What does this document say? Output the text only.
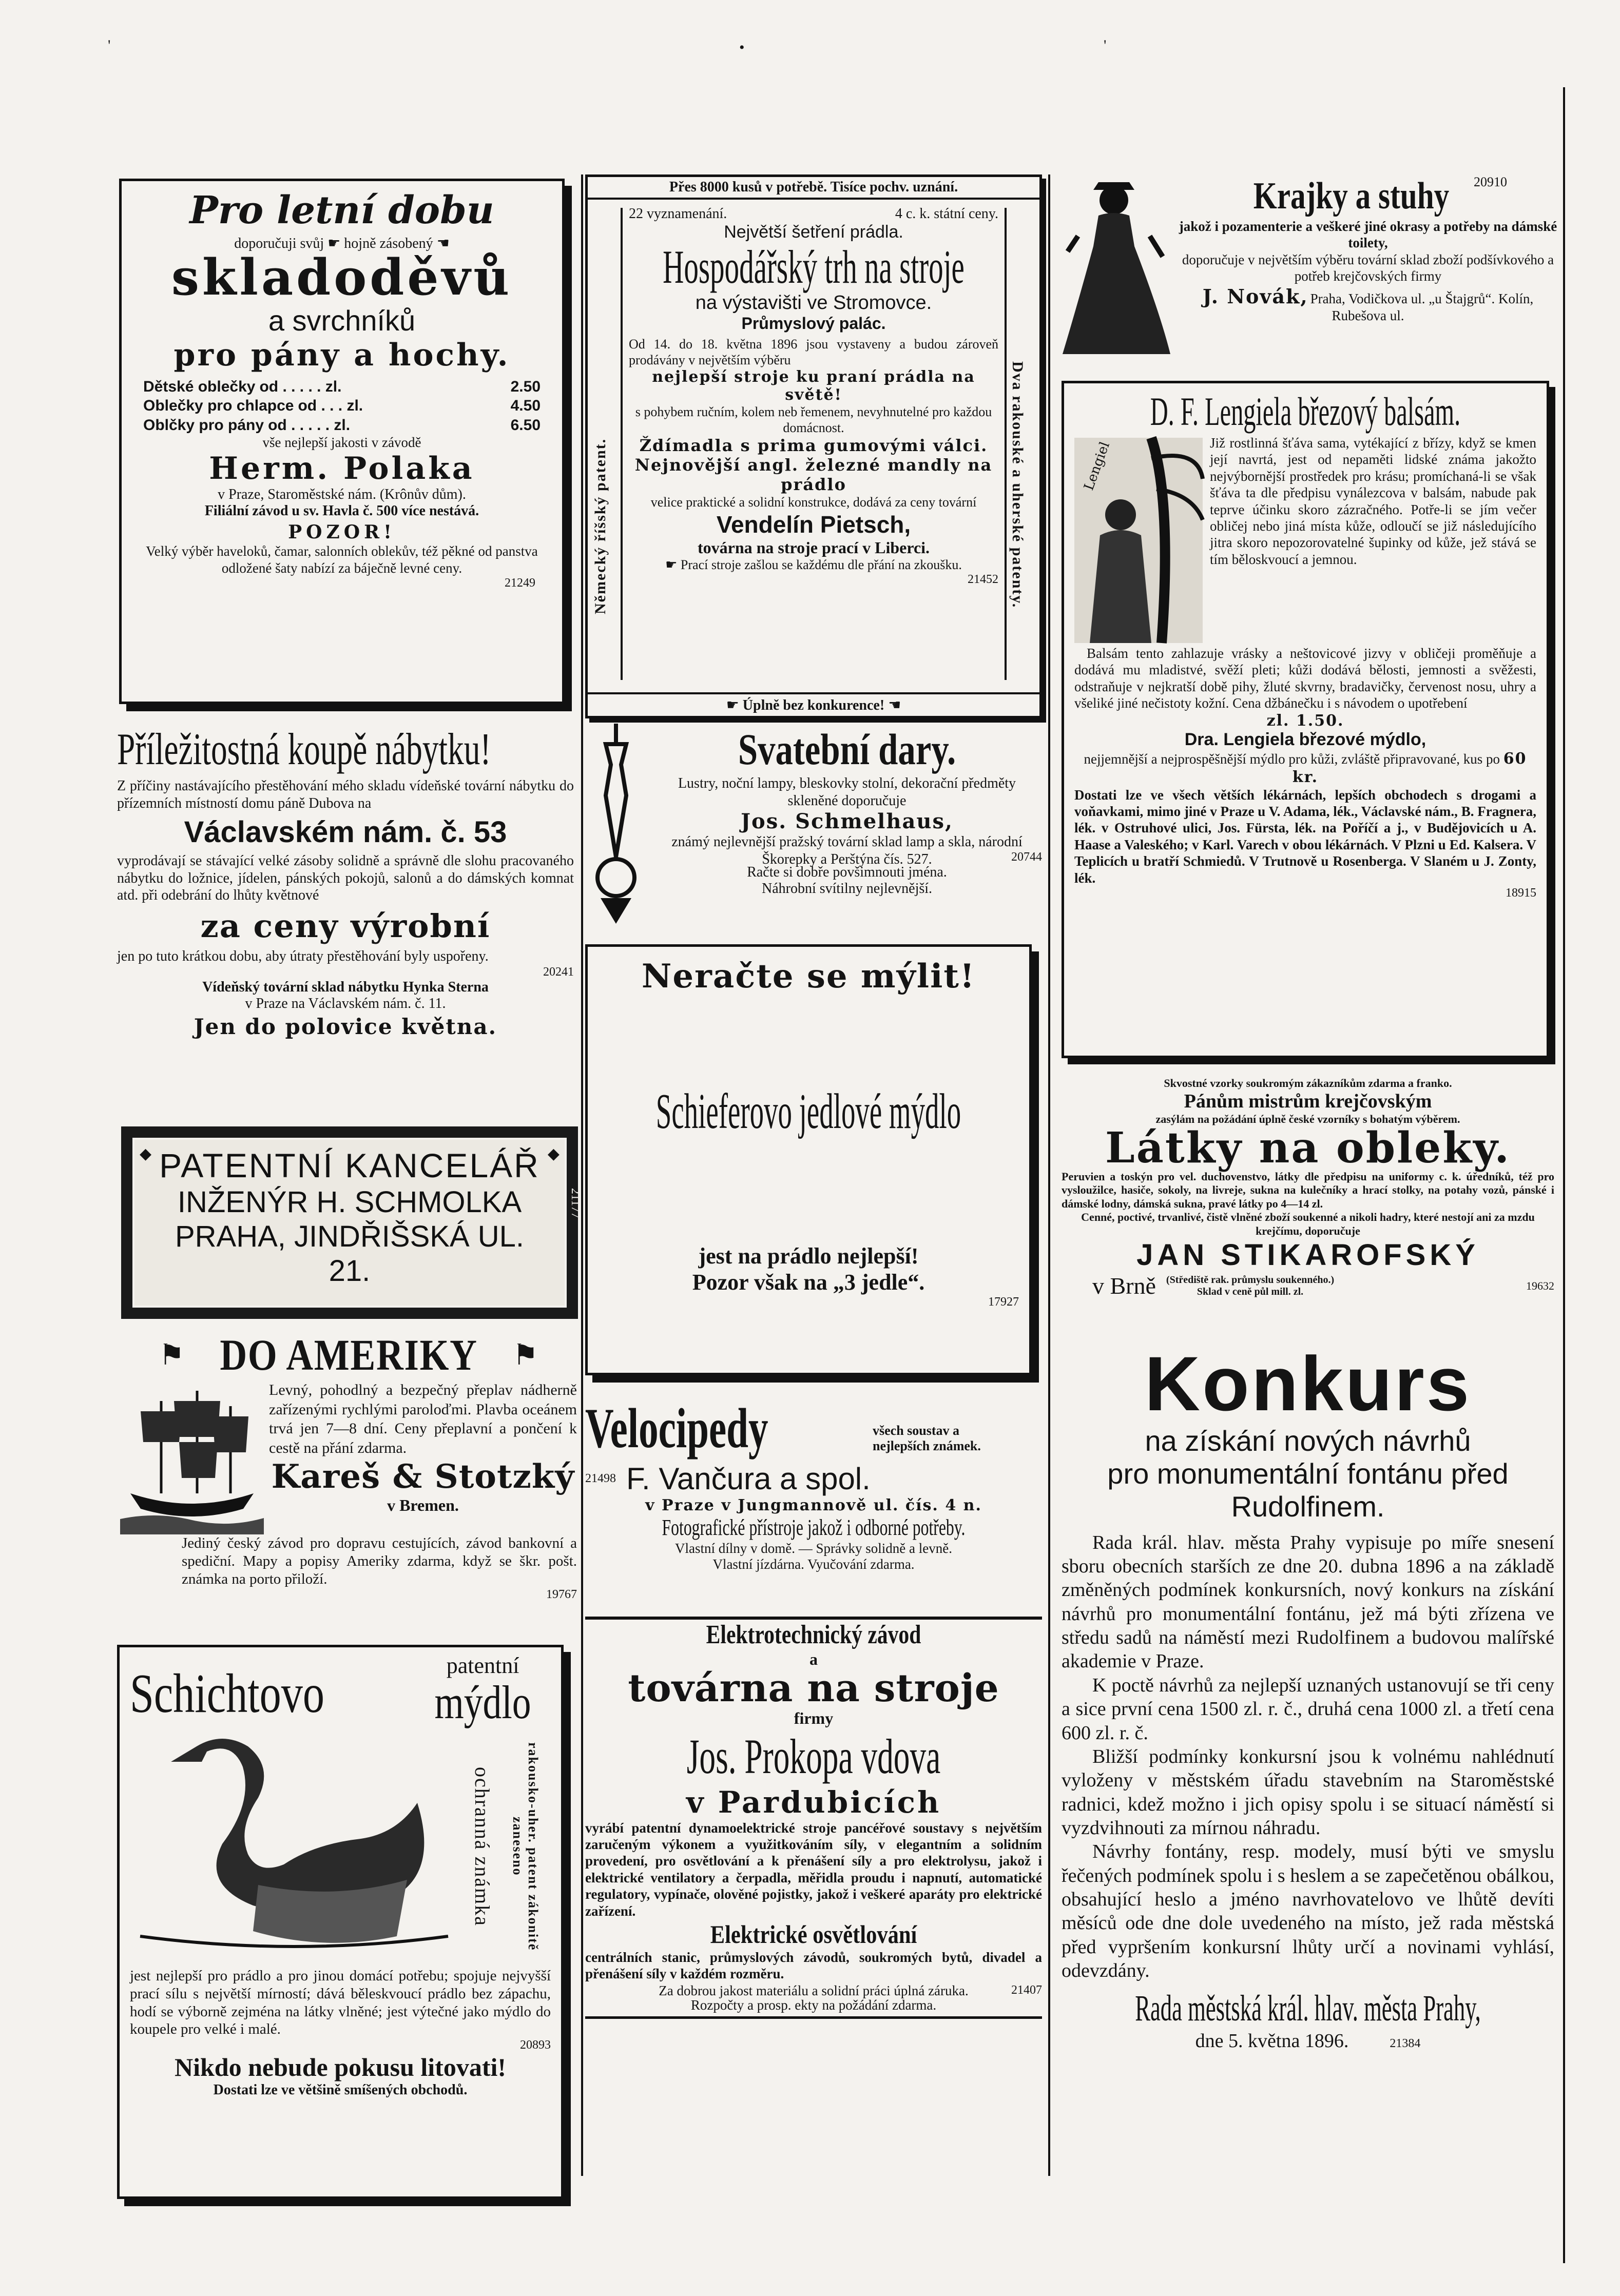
'	•	'
Pro letní dobu
doporučuji svůj ☛ hojně zásobený ☚
skladoděvů
a svrchníků
pro pány a hochy.
Dětské oblečky od . . . . . zl.	2.50
Oblečky pro chlapce od . . . zl.	4.50
Oblčky pro pány od . . . . . zl.	6.50
vše nejlepší jakosti v závodě
Herm. Polaka
v Praze, Staroměstské nám. (Krônův dům).
Filiální závod u sv. Havla č. 500 více nestává.
POZOR!

Velký výběr haveloků, čamar, salonních oblekův, též pěkné od panstva odložené šaty nabízí za báječně levné ceny.

21249
Příležitostná koupě nábytku!

Z příčiny nastávajícího přestěhování mého skladu vídeňské tovární nábytku do přízemních místností domu páně Dubova na

Václavském nám. č. 53

vyprodávají se stávající velké zásoby solidně a správně dle slohu pracovaného nábytku do ložnice, jídelen, pánských pokojů, salonů a do dámských komnat atd. při odebrání do lhůty květnové

za ceny výrobní

jen po tuto krátkou dobu, aby útraty přestěhování byly uspořeny.

20241
Vídeňský tovární sklad nábytku Hynka Sterna
v Praze na Václavském nám. č. 11.
Jen do polovice května.
PATENTNÍ KANCELÁŘ
INŽENÝR H. SCHMOLKA
PRAHA, JINDŘIŠSKÁ UL. 21.
◆	◆
21177
⚑ DO AMERIKY ⚑

Levný, pohodlný a bezpečný přeplav nádherně zařízenými rychlými paroloďmi. Plavba oceánem trvá jen 7—8 dní. Ceny přeplavní a pončení k cestě na přání zdarma.

Kareš & Stotzký
v Bremen.

Jediný český závod pro dopravu cestujících, závod bankovní a spediční. Mapy a popisy Ameriky zdarma, když se škr. pošt. známka na porto přiloží.

19767
Schichtovo	patentní
mýdlo
ochranná známka	rakousko-uher. patent zákonitě zaneseno

jest nejlepší pro prádlo a pro jinou domácí potřebu; spojuje nejvyšší prací sílu s největší mírností; dává běleskvoucí prádlo bez zápachu, hodí se výborně zejména na látky vlněné; jest výtečné jako mýdlo do koupele pro velké i malé.

20893
Nikdo nebude pokusu litovati!
Dostati lze ve většině smíšených obchodů.
Přes 8000 kusů v potřebě. Tisíce pochv. uznání.
Německý říšský patent.	Dva rakouské a uherské patenty.
22 vyznamenání.	4 c. k. státní ceny.
Největší šetření prádla.
Hospodářský trh na stroje
na výstavišti ve Stromovce.
Průmyslový palác.

Od 14. do 18. května 1896 jsou vystaveny a budou zároveň prodávány v největším výběru

nejlepší stroje ku praní prádla na světě!

s pohybem ručním, kolem neb řemenem, nevyhnutelné pro každou domácnost.

Ždímadla s prima gumovými válci.
Nejnovější angl. železné mandly na prádlo

velice praktické a solidní konstrukce, dodává za ceny tovární

Vendelín Pietsch,
továrna na stroje prací v Liberci.
☛ Prací stroje zašlou se každému dle přání na zkoušku.
21452
☛ Úplně bez konkurence! ☚
Svatební dary.

Lustry, noční lampy, bleskovky stolní, dekorační předměty skleněné doporučuje

Jos. Schmelhaus,

známý nejlevnější pražský tovární sklad lamp a skla, národní Škorepky a Perštýna čís. 527.	20744
Račte si dobře povšimnouti jména.
Náhrobní svítilny nejlevnější.
Neračte se mýlit!
Schieferovo jedlové mýdlo
jest na prádlo nejlepší!
Pozor však na „3 jedle“.
17927
Velocipedy	všech soustav a
nejlepších známek.
21498 F. Vančura a spol.
v Praze v Jungmannově ul. čís. 4 n.
Fotografické přístroje jakož i odborné potřeby.
Vlastní dílny v domě. — Správky solidně a levně.
Vlastní jízdárna. Vyučování zdarma.
Elektrotechnický závod
a
továrna na stroje
firmy
Jos. Prokopa vdova
v Pardubicích

vyrábí patentní dynamoelektrické stroje pancéřové soustavy s největším zaručeným výkonem a využitkováním síly, v elegantním a solidním provedení, pro osvětlování a k přenášení síly a pro elektrolysu, jakož i elektrické ventilatory a čerpadla, měřidla proudu i napnutí, automatické regulatory, vypínače, olověné pojistky, jakož i veškeré aparáty pro elektrické zařízení.

Elektrické osvětlování

centrálních stanic, průmyslových závodů, soukromých bytů, divadel a přenášení síly v každém rozměru.

Za dobrou jakost materiálu a solidní práci úplná záruka.	21407
Rozpočty a prosp. ekty na požádání zdarma.
Krajky a stuhy 20910

jakož i pozamenterie a veškeré jiné okrasy a potřeby na dámské toilety,

doporučuje v největším výběru tovární sklad zboží podšívkového a potřeb krejčovských firmy

J. Novák, Praha, Vodičkova ul. „u Štajgrů“. Kolín, Rubešova ul.
D. F. Lengiela březový balsám.
Lengiel	Již rostlinná šťáva sama, vytékající z břízy, když se kmen její navrtá, jest od nepaměti lidské známa jakožto nejvýbornější prostředek pro krásu; promíchaná-li se však šťáva ta dle předpisu vynálezcova v balsám, nabude pak teprve účinku skoro zázračného. Potře-li se jím večer obličej nebo jiná místa kůže, odloučí se již následujícího jitra skoro nepozorovatelné šupinky od kůže, jež stává se tím běloskvoucí a jemnou.

Balsám tento zahlazuje vrásky a neštovicové jizvy v obličeji proměňuje a dodává mu mladistvé, svěží pleti; kůži dodává bělosti, jemnosti a svěžesti, odstraňuje v nejkratší době pihy, žluté skvrny, bradavičky, červenost nosu, uhry a všeliké jiné nečistoty kožní. Cena džbánečku i s návodem o upotřebení

zl. 1.50.
Dra. Lengiela březové mýdlo,

nejjemnější a nejprospěšnější mýdlo pro kůži, zvláště připravované, kus po 60 kr.

Dostati lze ve všech větších lékárnách, lepších obchodech s drogami a voňavkami, mimo jiné v Praze u V. Adama, lék., Václavské nám., B. Fragnera, lék. v Ostruhové ulici, Jos. Fürsta, lék. na Poříčí a j., v Budějovicích u A. Haase a Valeského; v Karl. Varech v obou lékárnách. V Plzni u Ed. Kalsera. V Teplicích u bratří Schmiedů. V Trutnově u Rosenberga. V Slaném u J. Zonty, lék.

18915
Skvostné vzorky soukromým zákazníkům zdarma a franko.
Pánům mistrům krejčovským
zasýlám na požádání úplně české vzorníky s bohatým výběrem.
Látky na obleky.

Peruvien a toskýn pro vel. duchovenstvo, látky dle předpisu na uniformy c. k. úředníků, též pro vysloužilce, hasiče, sokoly, na livreje, sukna na kulečníky a hrací stolky, na potahy vozů, pánské i dámské lodny, dámská sukna, pravé látky po 4—14 zl.

Cenné, poctivé, trvanlivé, čistě vlněné zboží soukenné a nikoli hadry, které nestojí ani za mzdu krejčímu, doporučuje

JAN STIKAROFSKÝ
v Brně (Střediště rak. průmyslu soukenného.)
Sklad v ceně půl mill. zl.	19632
Konkurs
na získání nových návrhů
pro monumentální fontánu před
Rudolfinem.

Rada král. hlav. města Prahy vypisuje po míře snesení sboru obecních starších ze dne 20. dubna 1896 a na základě změněných podmínek konkursních, nový konkurs na získání návrhů pro monumentální fontánu, jež má býti zřízena ve středu sadů na náměstí mezi Rudolfinem a budovou malířské akademie v Praze.

K poctě návrhů za nejlepší uznaných ustanovují se tři ceny a sice první cena 1500 zl. r. č., druhá cena 1000 zl. a třetí cena 600 zl. r. č.

Bližší podmínky konkursní jsou k volnému nahlédnutí vyloženy v městském úřadu stavebním na Staroměstské radnici, kdež možno i jich opisy spolu i se situací náměstí si vyzdvihnouti za mírnou náhradu.

Návrhy fontány, resp. modely, musí býti ve smyslu řečených podmínek spolu i s heslem a se zapečetěnou obálkou, obsahující heslo a jméno navrhovatelovo ve lhůtě devíti měsíců ode dne dole uvedeného na místo, jež rada městská před vypršením konkursní lhůty určí a novinami vyhlásí, odevzdány.

Rada městská král. hlav. města Prahy,
dne 5. května 1896.	21384
